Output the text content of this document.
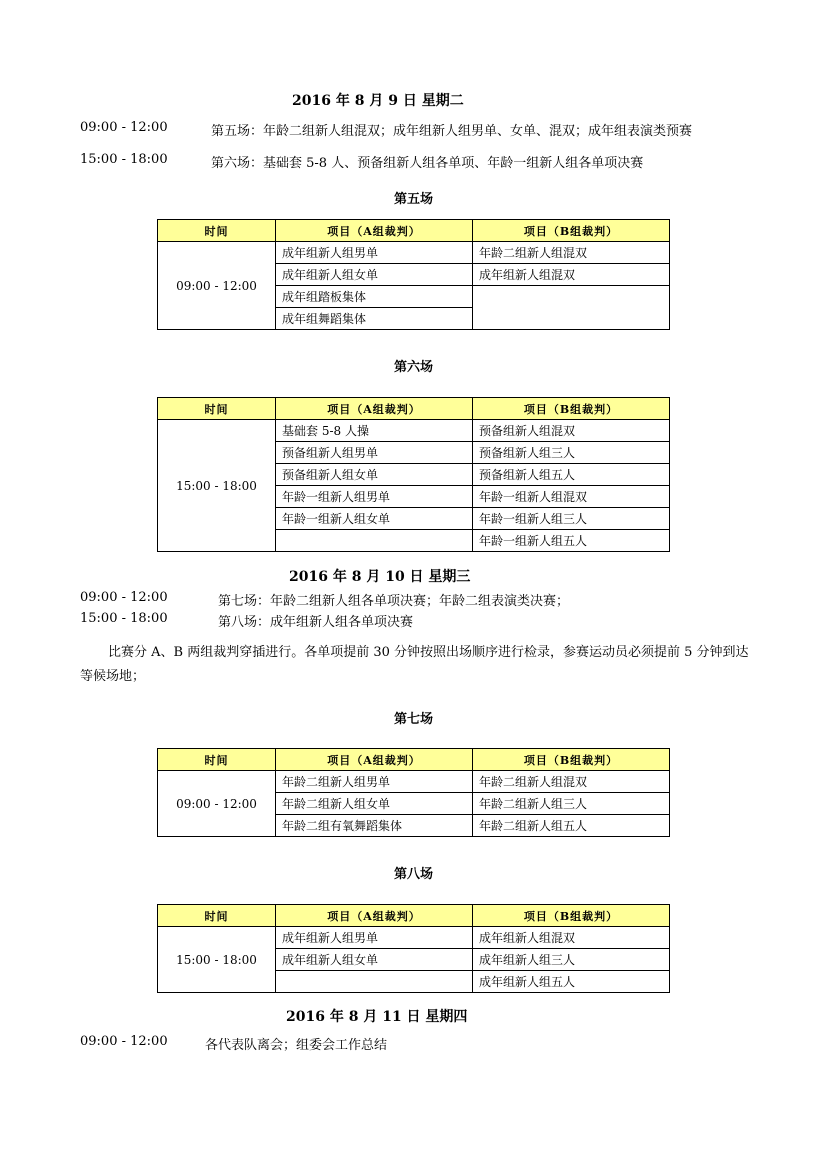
2016 年 8 月 9 日 星期二
09:00 - 12:00	第五场：年龄二组新人组混双；成年组新人组男单、女单、混双；成年组表演类预赛
15:00 - 18:00	第六场：基础套 5-8 人、预备组新人组各单项、年龄一组新人组各单项决赛
第五场
时间	项目（A组裁判）	项目（B组裁判）
09:00 - 12:00	成年组新人组男单	年龄二组新人组混双
	成年组新人组女单	成年组新人组混双
	成年组踏板集体	
	成年组舞蹈集体	
第六场
时间	项目（A组裁判）	项目（B组裁判）
15:00 - 18:00	基础套 5-8 人操	预备组新人组混双
	预备组新人组男单	预备组新人组三人
	预备组新人组女单	预备组新人组五人
	年龄一组新人组男单	年龄一组新人组混双
	年龄一组新人组女单	年龄一组新人组三人
		年龄一组新人组五人
2016 年 8 月 10 日 星期三
09:00 - 12:00	第七场：年龄二组新人组各单项决赛；年龄二组表演类决赛；
15:00 - 18:00	第八场：成年组新人组各单项决赛
比赛分 A、B 两组裁判穿插进行。各单项提前 30 分钟按照出场顺序进行检录，参赛运动员必须提前 5 分钟到达等候场地；
第七场
时间	项目（A组裁判）	项目（B组裁判）
09:00 - 12:00	年龄二组新人组男单	年龄二组新人组混双
	年龄二组新人组女单	年龄二组新人组三人
	年龄二组有氧舞蹈集体	年龄二组新人组五人
第八场
时间	项目（A组裁判）	项目（B组裁判）
15:00 - 18:00	成年组新人组男单	成年组新人组混双
	成年组新人组女单	成年组新人组三人
		成年组新人组五人
2016 年 8 月 11 日 星期四
09:00 - 12:00	各代表队离会；组委会工作总结
